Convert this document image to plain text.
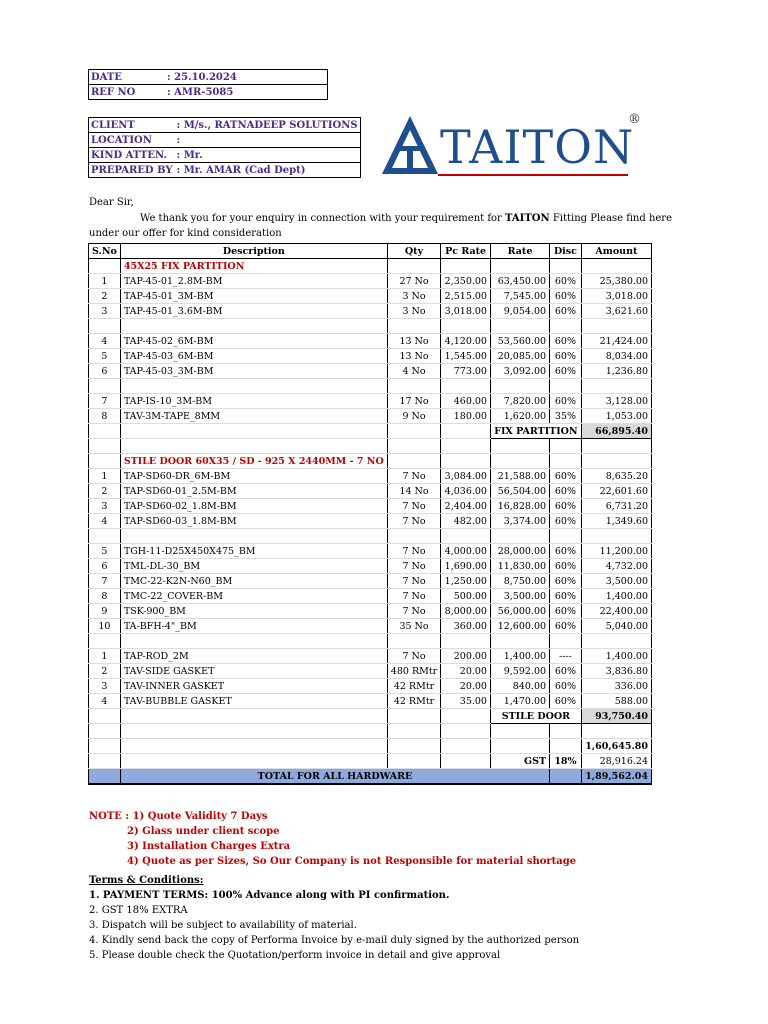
DATE	: 25.10.2024
REF NO	: AMR-5085
CLIENT	: M/s., RATNADEEP SOLUTIONS
LOCATION	:
KIND ATTEN.	: Mr.
PREPARED BY	: Mr. AMAR (Cad Dept)	TAITON
®
Dear Sir,
We thank you for your enquiry in connection with your requirement for TAITON Fitting Please find here
under our offer for kind consideration
S.No	Description	Qty	Pc Rate	Rate	Disc	Amount
	45X25 FIX PARTITION					
1	TAP-45-01_2.8M-BM	27 No	2,350.00	63,450.00	60%	25,380.00
2	TAP-45-01_3M-BM	3 No	2,515.00	7,545.00	60%	3,018.00
3	TAP-45-01_3.6M-BM	3 No	3,018.00	9,054.00	60%	3,621.60

4	TAP-45-02_6M-BM	13 No	4,120.00	53,560.00	60%	21,424.00
5	TAP-45-03_6M-BM	13 No	1,545.00	20,085.00	60%	8,034.00
6	TAP-45-03_3M-BM	4 No	773.00	3,092.00	60%	1,236.80

7	TAP-IS-10_3M-BM	17 No	460.00	7,820.00	60%	3,128.00
8	TAV-3M-TAPE_8MM	9 No	180.00	1,620.00	35%	1,053.00
				FIX PARTITION		66,895.40

	STILE DOOR 60X35 / SD - 925 X 2440MM - 7 NO					
1	TAP-SD60-DR_6M-BM	7 No	3,084.00	21,588.00	60%	8,635.20
2	TAP-SD60-01_2.5M-BM	14 No	4,036.00	56,504.00	60%	22,601.60
3	TAP-SD60-02_1.8M-BM	7 No	2,404.00	16,828.00	60%	6,731.20
4	TAP-SD60-03_1.8M-BM	7 No	482.00	3,374.00	60%	1,349.60

5	TGH-11-D25X450X475_BM	7 No	4,000.00	28,000.00	60%	11,200.00
6	TML-DL-30_BM	7 No	1,690.00	11,830.00	60%	4,732.00
7	TMC-22-K2N-N60_BM	7 No	1,250.00	8,750.00	60%	3,500.00
8	TMC-22_COVER-BM	7 No	500.00	3,500.00	60%	1,400.00
9	TSK-900_BM	7 No	8,000.00	56,000.00	60%	22,400.00
10	TA-BFH-4"_BM	35 No	360.00	12,600.00	60%	5,040.00

1	TAP-ROD_2M	7 No	200.00	1,400.00	----	1,400.00
2	TAV-SIDE GASKET	480 RMtr	20.00	9,592.00	60%	3,836.80
3	TAV-INNER GASKET	42 RMtr	20.00	840.00	60%	336.00
4	TAV-BUBBLE GASKET	42 RMtr	35.00	1,470.00	60%	588.00
				STILE DOOR		93,750.40

						1,60,645.80
				GST	18%	28,916.24
	TOTAL FOR ALL HARDWARE					1,89,562.04
NOTE : 1) Quote Validity 7 Days
2) Glass under client scope
3) Installation Charges Extra
4) Quote as per Sizes, So Our Company is not Responsible for material shortage
Terms & Conditions:
1. PAYMENT TERMS: 100% Advance along with PI confirmation.
2. GST 18% EXTRA
3. Dispatch will be subject to availability of material.
4. Kindly send back the copy of Performa Invoice by e-mail duly signed by the authorized person
5. Please double check the Quotation/perform invoice in detail and give approval
